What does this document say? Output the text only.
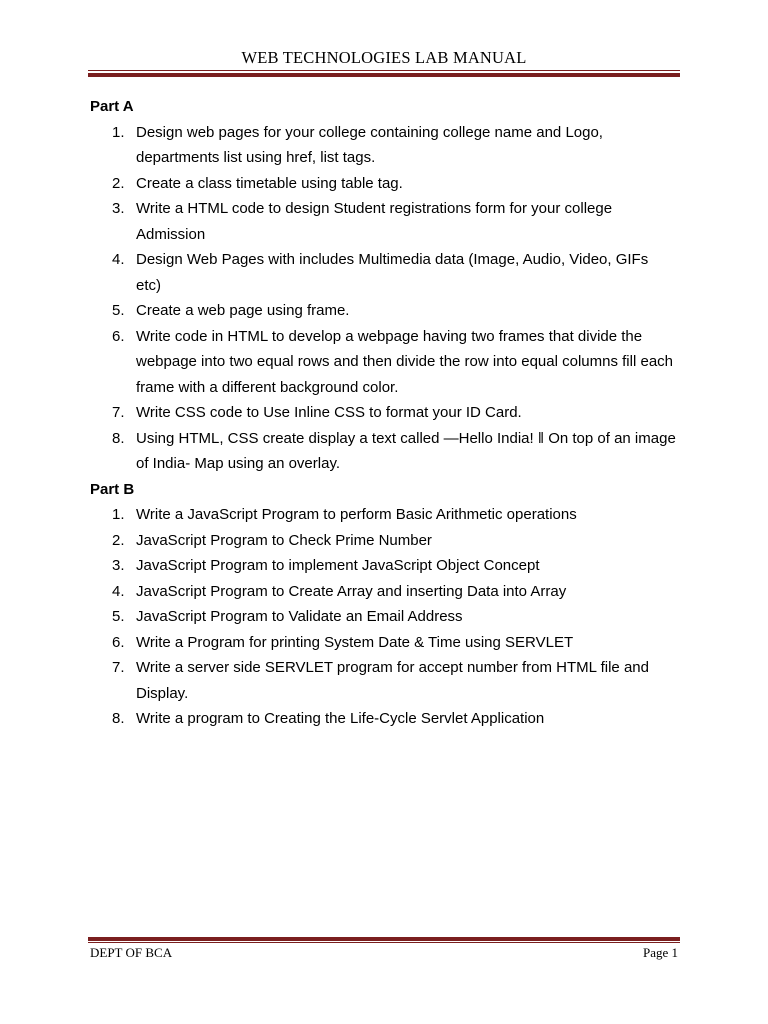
WEB TECHNOLOGIES LAB MANUAL
Part A
1. Design web pages for your college containing college name and Logo, departments list using href, list tags.
2. Create a class timetable using table tag.
3. Write a HTML code to design Student registrations form for your college Admission
4. Design Web Pages with includes Multimedia data (Image, Audio, Video, GIFs    etc)
5. Create a web page using frame.
6. Write code in HTML to develop a webpage having two frames that divide the webpage into two equal rows and then divide the row into equal columns fill each frame with a different background color.
7. Write CSS code to Use Inline CSS to format your ID Card.
8. Using HTML, CSS create display a text called —Hello India! ‖ On top of an image of India- Map using an overlay.
Part B
1. Write a JavaScript Program to perform Basic Arithmetic operations
2. JavaScript Program to Check Prime Number
3. JavaScript Program to implement JavaScript Object Concept
4. JavaScript Program to Create Array and inserting Data into Array
5. JavaScript Program to Validate an Email Address
6. Write a Program for printing System Date & Time using SERVLET
7. Write a server side SERVLET program for accept number from HTML file and Display.
8. Write a program to Creating the Life-Cycle Servlet Application
DEPT OF BCA	Page 1
